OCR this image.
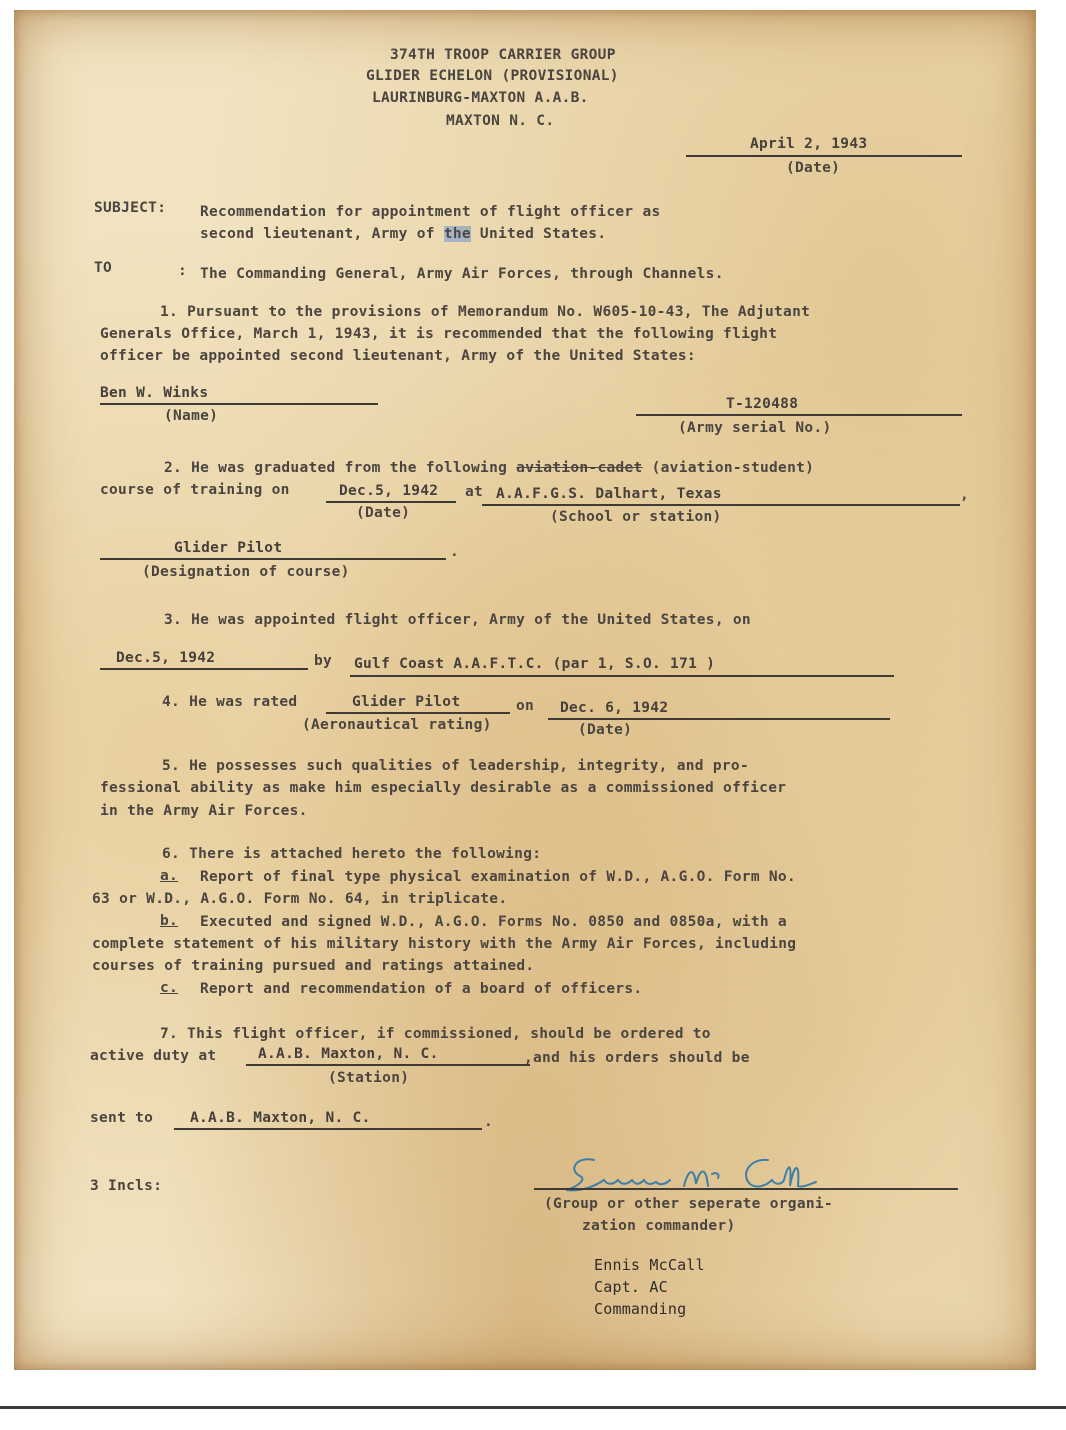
374TH TROOP CARRIER GROUP

GLIDER ECHELON (PROVISIONAL)

LAURINBURG-MAXTON A.A.B.

MAXTON N. C.

April 2, 1943

(Date)

SUBJECT: Recommendation for appointment of flight officer as

second lieutenant, Army of the United States.

TO	: The Commanding General, Army Air Forces, through Channels.

1. Pursuant to the provisions of Memorandum No. W605-10-43, The Adjutant

Generals Office, March 1, 1943, it is recommended that the following flight

officer be appointed second lieutenant, Army of the United States:

Ben W. Winks

(Name)

T-120488

(Army serial No.)

2. He was graduated from the following aviation-cadet (aviation-student)

course of training on	Dec.5, 1942 at A.A.F.G.S. Dalhart, Texas	,

(Date)	(School or station)

Glider Pilot	.

(Designation of course)

3. He was appointed flight officer, Army of the United States, on

Dec.5, 1942	by Gulf Coast A.A.F.T.C. (par 1, S.O. 171 )

4. He was rated	Glider Pilot	on Dec. 6, 1942

(Aeronautical rating)	(Date)

5. He possesses such qualities of leadership, integrity, and pro-

fessional ability as make him especially desirable as a commissioned officer

in the Army Air Forces.

6. There is attached hereto the following:

a. Report of final type physical examination of W.D., A.G.O. Form No.

63 or W.D., A.G.O. Form No. 64, in triplicate.

b. Executed and signed W.D., A.G.O. Forms No. 0850 and 0850a, with a

complete statement of his military history with the Army Air Forces, including

courses of training pursued and ratings attained.

c. Report and recommendation of a board of officers.

7. This flight officer, if commissioned, should be ordered to

active duty at	A.A.B. Maxton, N. C.	,and his orders should be

(Station)

sent to	A.A.B. Maxton, N. C.	.

3 Incls:

(Group or other seperate organi-

zation commander)

Ennis McCall

Capt. AC

Commanding
